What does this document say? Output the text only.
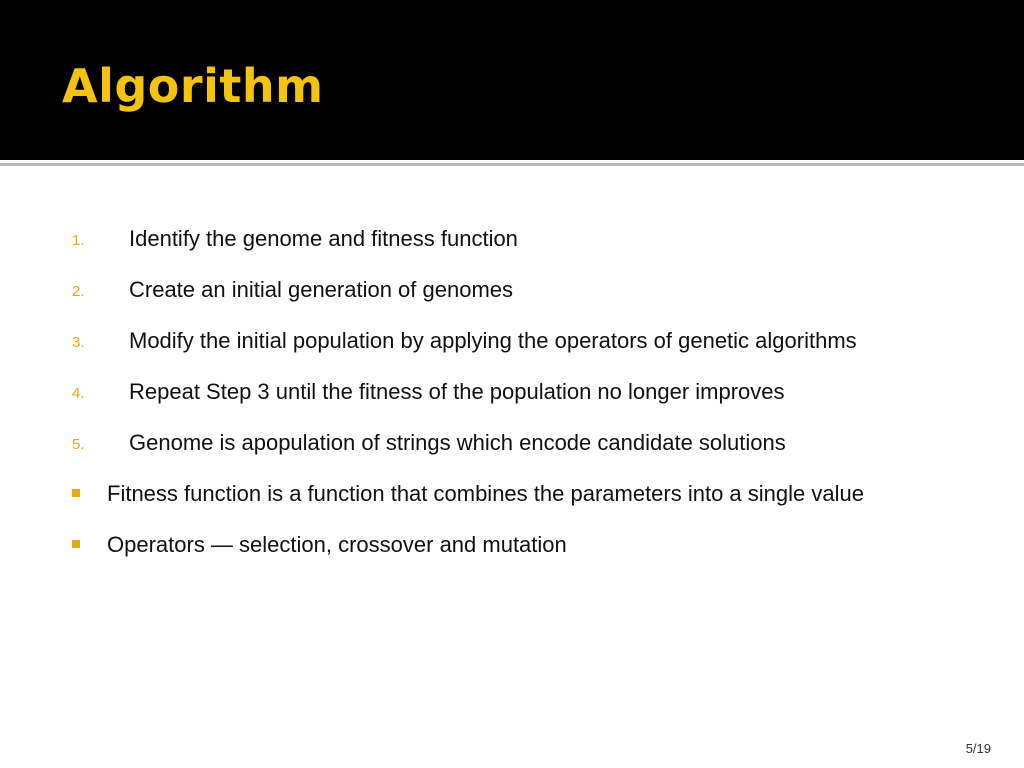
Algorithm
1. Identify the genome and fitness function
2. Create an initial generation of genomes
3. Modify the initial population by applying the operators of genetic algorithms
4. Repeat Step 3 until the fitness of the population no longer improves
5. Genome is apopulation of strings which encode candidate solutions
Fitness function is a function that combines the parameters into a single value
Operators — selection, crossover and mutation
5/19
